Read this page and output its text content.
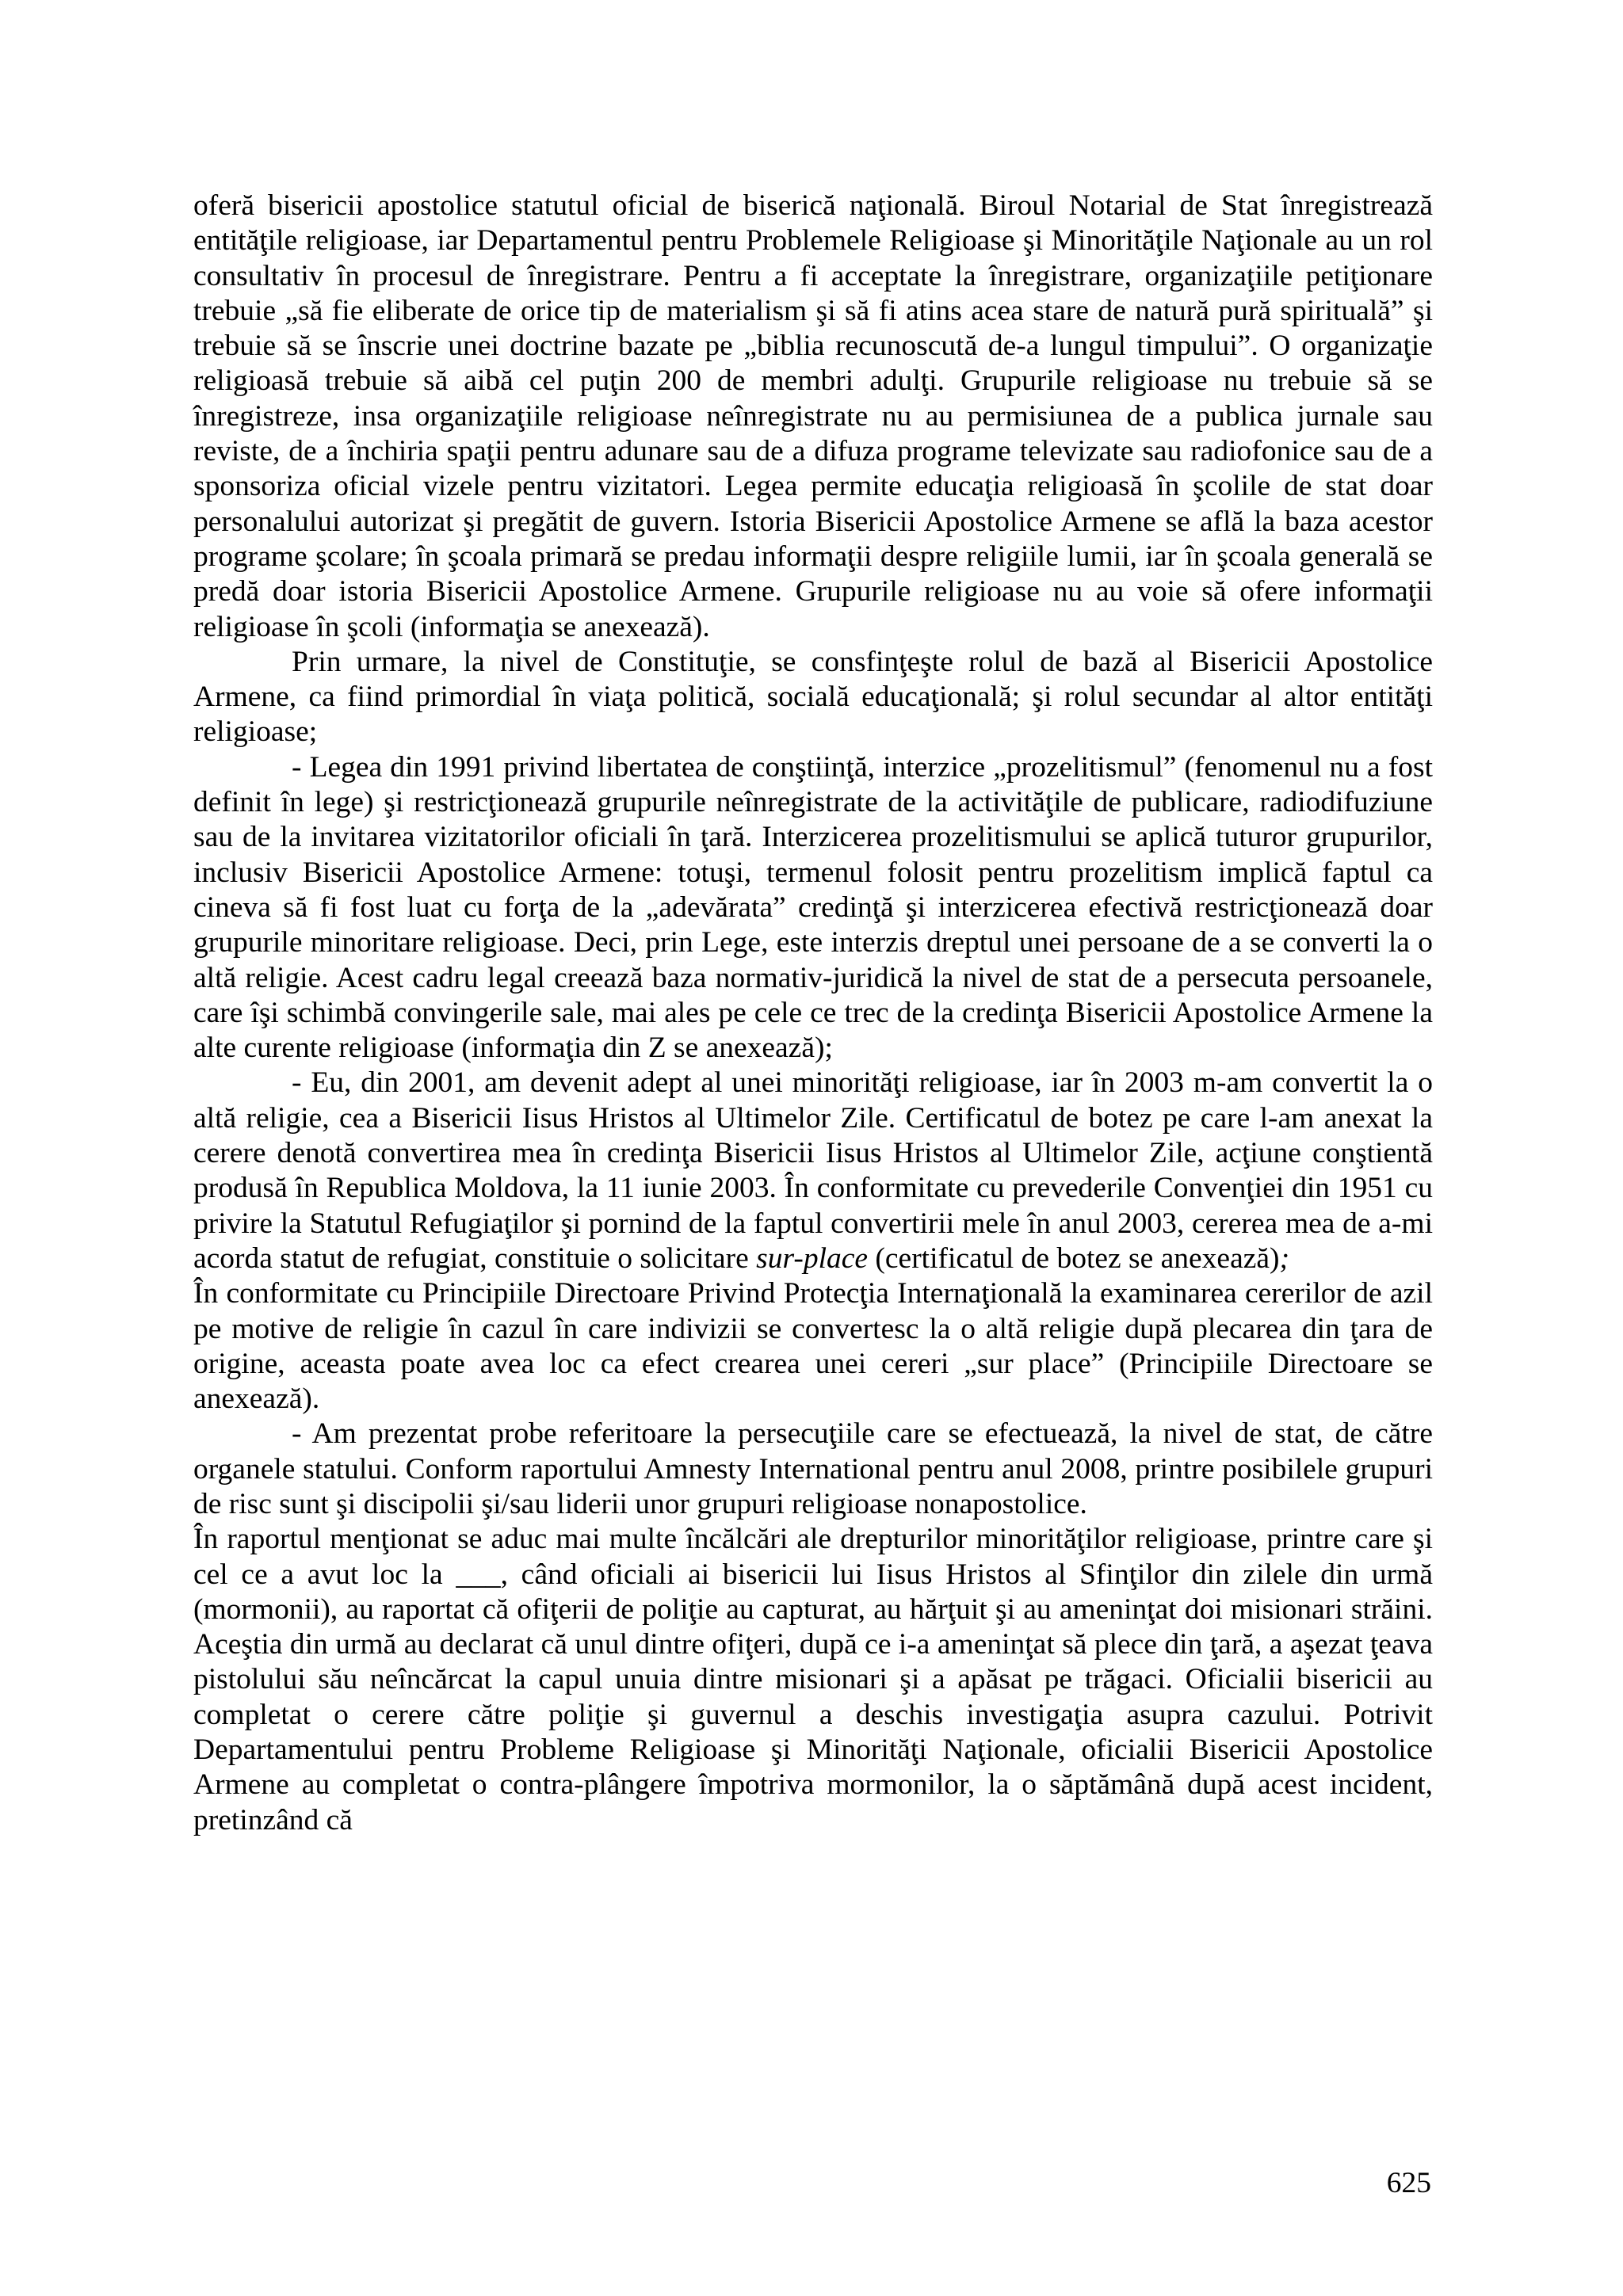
oferă bisericii apostolice statutul oficial de biserică naţională. Biroul Notarial de Stat înregistrează entităţile religioase, iar Departamentul pentru Problemele Religioase şi Minorităţile Naţionale au un rol consultativ în procesul de înregistrare. Pentru a fi acceptate la înregistrare, organizaţiile petiţionare trebuie „să fie eliberate de orice tip de materialism şi să fi atins acea stare de natură pură spirituală” şi trebuie să se înscrie unei doctrine bazate pe „biblia recunoscută de-a lungul timpului”. O organizaţie religioasă trebuie să aibă cel puţin 200 de membri adulţi. Grupurile religioase nu trebuie să se înregistreze, insa organizaţiile religioase neînregistrate nu au permisiunea de a publica jurnale sau reviste, de a închiria spaţii pentru adunare sau de a difuza programe televizate sau radiofonice sau de a sponsoriza oficial vizele pentru vizitatori. Legea permite educaţia religioasă în şcolile de stat doar personalului autorizat şi pregătit de guvern. Istoria Bisericii Apostolice Armene se află la baza acestor programe şcolare; în şcoala primară se predau informaţii despre religiile lumii, iar în şcoala generală se predă doar istoria Bisericii Apostolice Armene. Grupurile religioase nu au voie să ofere informaţii religioase în şcoli (informaţia se anexează).

Prin urmare, la nivel de Constituţie, se consfinţeşte rolul de bază al Bisericii Apostolice Armene, ca fiind primordial în viaţa politică, socială educaţională; şi rolul secundar al altor entităţi religioase;

- Legea din 1991 privind libertatea de conştiinţă, interzice „prozelitismul” (fenomenul nu a fost definit în lege) şi restricţionează grupurile neînregistrate de la activităţile de publicare, radiodifuziune sau de la invitarea vizitatorilor oficiali în ţară. Interzicerea prozelitismului se aplică tuturor grupurilor, inclusiv Bisericii Apostolice Armene: totuşi, termenul folosit pentru prozelitism implică faptul ca cineva să fi fost luat cu forţa de la „adevărata” credinţă şi interzicerea efectivă restricţionează doar grupurile minoritare religioase. Deci, prin Lege, este interzis dreptul unei persoane de a se converti la o altă religie. Acest cadru legal creează baza normativ-juridică la nivel de stat de a persecuta persoanele, care îşi schimbă convingerile sale, mai ales pe cele ce trec de la credinţa Bisericii Apostolice Armene la alte curente religioase (informaţia din Z se anexează);

- Eu, din 2001, am devenit adept al unei minorităţi religioase, iar în 2003 m-am convertit la o altă religie, cea a Bisericii Iisus Hristos al Ultimelor Zile. Certificatul de botez pe care l-am anexat la cerere denotă convertirea mea în credinţa Bisericii Iisus Hristos al Ultimelor Zile, acţiune conştientă produsă în Republica Moldova, la 11 iunie 2003. În conformitate cu prevederile Convenţiei din 1951 cu privire la Statutul Refugiaţilor şi pornind de la faptul convertirii mele în anul 2003, cererea mea de a-mi acorda statut de refugiat, constituie o solicitare sur-place (certificatul de botez se anexează);

În conformitate cu Principiile Directoare Privind Protecţia Internaţională la examinarea cererilor de azil pe motive de religie în cazul în care indivizii se convertesc la o altă religie după plecarea din ţara de origine, aceasta poate avea loc ca efect crearea unei cereri „sur place” (Principiile Directoare se anexează).

- Am prezentat probe referitoare la persecuţiile care se efectuează, la nivel de stat, de către organele statului. Conform raportului Amnesty International pentru anul 2008, printre posibilele grupuri de risc sunt şi discipolii şi/sau liderii unor grupuri religioase nonapostolice.

În raportul menţionat se aduc mai multe încălcări ale drepturilor minorităţilor religioase, printre care şi cel ce a avut loc la ___, când oficiali ai bisericii lui Iisus Hristos al Sfinţilor din zilele din urmă (mormonii), au raportat că ofiţerii de poliţie au capturat, au hărţuit şi au ameninţat doi misionari străini. Aceştia din urmă au declarat că unul dintre ofiţeri, după ce i-a ameninţat să plece din ţară, a aşezat ţeava pistolului său neîncărcat la capul unuia dintre misionari şi a apăsat pe trăgaci. Oficialii bisericii au completat o cerere către poliţie şi guvernul a deschis investigaţia asupra cazului. Potrivit Departamentului pentru Probleme Religioase şi Minorităţi Naţionale, oficialii Bisericii Apostolice Armene au completat o contra-plângere împotriva mormonilor, la o săptămână după acest incident, pretinzând că

625
